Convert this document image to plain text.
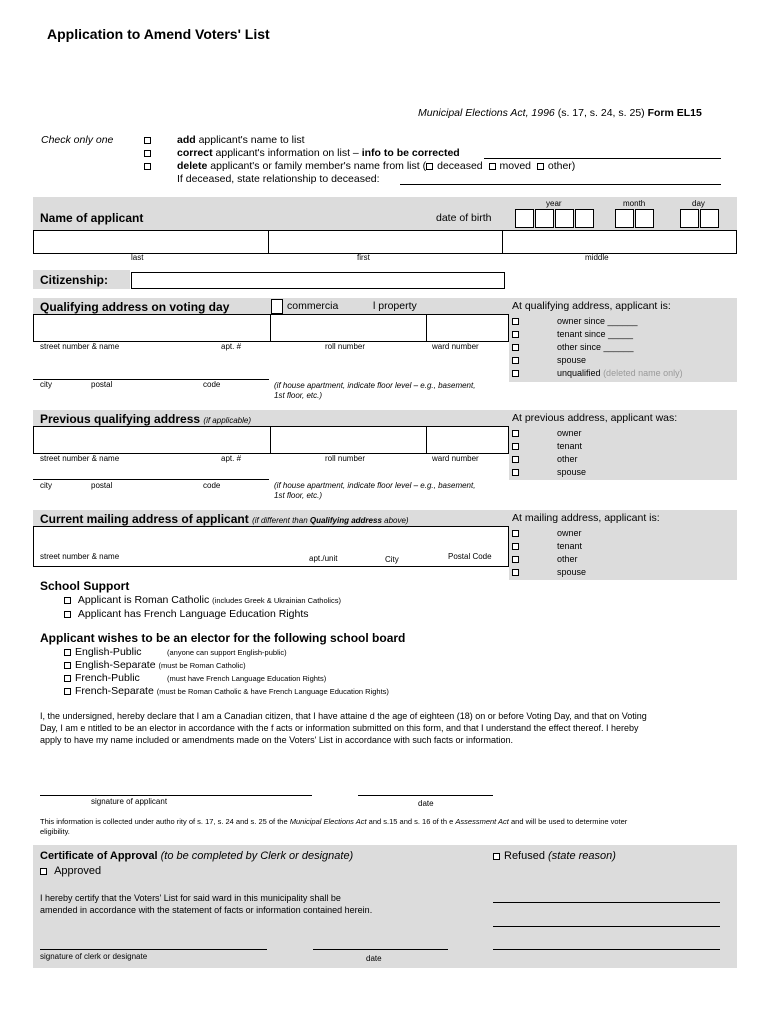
Application to Amend Voters' List
Municipal Elections Act, 1996 (s. 17, s. 24, s. 25) Form EL15
Check only one	add applicant's name to list
correct applicant's information on list – info to be corrected
delete applicant's or family member's name from list ( deceased moved other)
If deceased, state relationship to deceased:
Name of applicant	date of birth
year	month	day
last	first	middle
Citizenship:
Qualifying address on voting day	commercia	l property
street number & name	apt. #	roll number	ward number
city	postal	code	(if house apartment, indicate floor level – e.g., basement,
1st floor, etc.)
At qualifying address, applicant is:
owner since ______
tenant since _____
other since ______
spouse
unqualified (deleted name only)
Previous qualifying address (if applicable)
street number & name	apt. #	roll number	ward number
city	postal	code	(if house apartment, indicate floor level – e.g., basement,
1st floor, etc.)
At previous address, applicant was:
owner
tenant
other
spouse
Current mailing address of applicant (if different than Qualifying address above)
street number & name	apt./unit	City	Postal Code
At mailing address, applicant is:
owner
tenant
other
spouse
School Support
Applicant is Roman Catholic (includes Greek & Ukrainian Catholics)
Applicant has French Language Education Rights
Applicant wishes to be an elector for the following school board
English-Public	(anyone can support English-public)
English-Separate (must be Roman Catholic)
French-Public	(must have French Language Education Rights)
French-Separate (must be Roman Catholic & have French Language Education Rights)
I, the undersigned, hereby declare that I am a Canadian citizen, that I have attaine d the age of eighteen (18) on or before Voting Day, and that on Voting
Day, I am e ntitled to be an elector in accordance with the f acts or information submitted on this form, and that I understand the effect thereof. I hereby
apply to have my name included or amendments made on the Voters' List in accordance with such facts or information.
signature of applicant	date
This information is collected under autho rity of s. 17, s. 24 and s. 25 of the Municipal Elections Act and s.15 and s. 16 of th e Assessment Act and will be used to determine voter
eligibility.
Certificate of Approval (to be completed by Clerk or designate)
Approved
Refused (state reason)
I hereby certify that the Voters' List for said ward in this municipality shall be
amended in accordance with the statement of facts or information contained herein.
signature of clerk or designate	date
